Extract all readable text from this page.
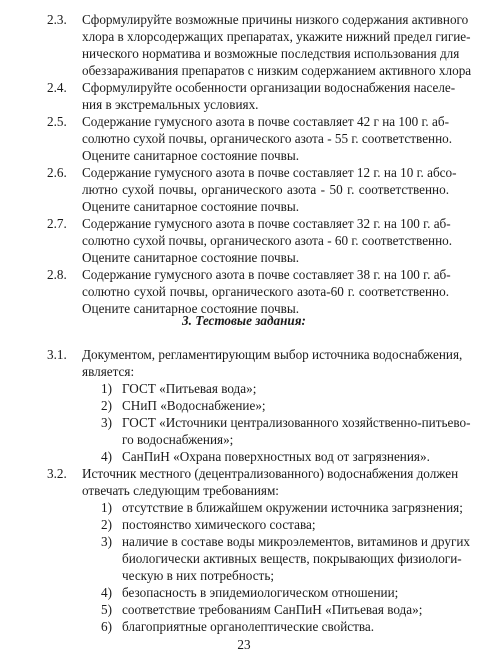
2.3. Сформулируйте возможные причины низкого содержания активного
хлора в хлорсодержащих препаратах, укажите нижний предел гигие-
нического норматива и возможные последствия использования для
обеззараживания препаратов с низким содержанием активного хлора
2.4. Сформулируйте особенности организации водоснабжения населе-
ния в экстремальных условиях.
2.5. Содержание гумусного азота в почве составляет 42 г на 100 г. аб-
солютно сухой почвы, органического азота - 55 г. соответственно.
Оцените санитарное состояние почвы.
2.6. Содержание гумусного азота в почве составляет 12 г. на 10 г. абсо-
лютно сухой почвы, органического азота - 50 г. соответственно.
Оцените санитарное состояние почвы.
2.7. Содержание гумусного азота в почве составляет 32 г. на 100 г. аб-
солютно сухой почвы, органического азота - 60 г. соответственно.
Оцените санитарное состояние почвы.
2.8. Содержание гумусного азота в почве составляет 38 г. на 100 г. аб-
солютно сухой почвы, органического азота-60 г. соответственно.
Оцените санитарное состояние почвы.
3. Тестовые задания:
3.1. Документом, регламентирующим выбор источника водоснабжения,
является:
1) ГОСТ «Питьевая вода»;
2) СНиП «Водоснабжение»;
3) ГОСТ «Источники централизованного хозяйственно-питьево-
го водоснабжения»;
4) СанПиН «Охрана поверхностных вод от загрязнения».
3.2. Источник местного (децентрализованного) водоснабжения должен
отвечать следующим требованиям:
1) отсутствие в ближайшем окружении источника загрязнения;
2) постоянство химического состава;
3) наличие в составе воды микроэлементов, витаминов и других
биологически активных веществ, покрывающих физиологи-
ческую в них потребность;
4) безопасность в эпидемиологическом отношении;
5) соответствие требованиям СанПиН «Питьевая вода»;
6) благоприятные органолептические свойства.
23
